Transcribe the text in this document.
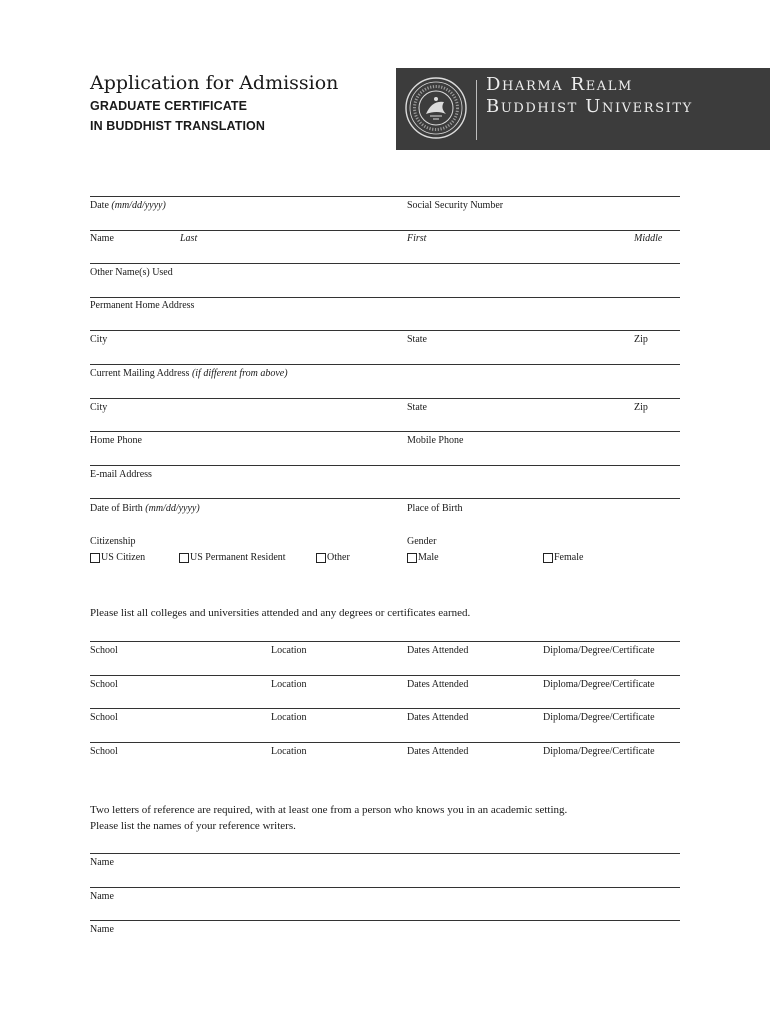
Application for Admission
GRADUATE CERTIFICATE
IN BUDDHIST TRANSLATION
Dharma Realm
Buddhist University
Date (mm/dd/yyyy)	Social Security Number
Name	Last	First	Middle
Other Name(s) Used
Permanent Home Address
City	State	Zip
Current Mailing Address (if different from above)
City	State	Zip
Home Phone	Mobile Phone
E-mail Address
Date of Birth (mm/dd/yyyy)	Place of Birth
Citizenship	Gender
US Citizen	US Permanent Resident	Other	Male	Female
Please list all colleges and universities attended and any degrees or certificates earned.
School	Location	Dates Attended	Diploma/Degree/Certificate
School	Location	Dates Attended	Diploma/Degree/Certificate
School	Location	Dates Attended	Diploma/Degree/Certificate
School	Location	Dates Attended	Diploma/Degree/Certificate
Two letters of reference are required, with at least one from a person who knows you in an academic setting.
Please list the names of your reference writers.
Name
Name
Name
